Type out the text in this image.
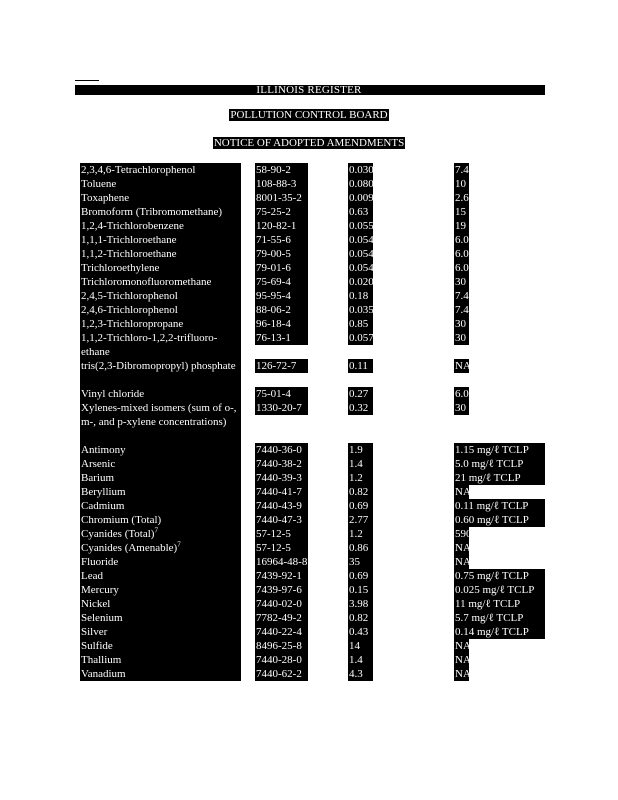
ILLINOIS REGISTER
POLLUTION CONTROL BOARD
NOTICE OF ADOPTED AMENDMENTS
2,3,4,6-Tetrachlorophenol	58-90-2	0.030	7.4
Toluene	108-88-3	0.080	10
Toxaphene	8001-35-2	0.0095	2.6
Bromoform (Tribromomethane)	75-25-2	0.63	15
1,2,4-Trichlorobenzene	120-82-1	0.055	19
1,1,1-Trichloroethane	71-55-6	0.054	6.0
1,1,2-Trichloroethane	79-00-5	0.054	6.0
Trichloroethylene	79-01-6	0.054	6.0
Trichloromonofluoromethane	75-69-4	0.020	30
2,4,5-Trichlorophenol	95-95-4	0.18	7.4
2,4,6-Trichlorophenol	88-06-2	0.035	7.4
1,2,3-Trichloropropane	96-18-4	0.85	30
1,1,2-Trichloro-1,2,2-trifluoro-ethane
76-13-1	0.057	30
tris(2,3-Dibromopropyl) phosphate	126-72-7	0.11	NA
Vinyl chloride	75-01-4	0.27	6.0
Xylenes-mixed isomers (sum of o-, m-, and p-xylene concentrations)
1330-20-7	0.32	30
Antimony	7440-36-0	1.9	1.15 mg/ℓ TCLP
Arsenic	7440-38-2	1.4	5.0 mg/ℓ TCLP
Barium	7440-39-3	1.2	21 mg/ℓ TCLP
Beryllium	7440-41-7	0.82	NA
Cadmium	7440-43-9	0.69	0.11 mg/ℓ TCLP
Chromium (Total)	7440-47-3	2.77	0.60 mg/ℓ TCLP
Cyanides (Total)$^7$	57-12-5	1.2	590
Cyanides (Amenable)$^7$	57-12-5	0.86	NA
Fluoride	16964-48-8	35	NA
Lead	7439-92-1	0.69	0.75 mg/ℓ TCLP
Mercury	7439-97-6	0.15	0.025 mg/ℓ TCLP
Nickel	7440-02-0	3.98	11 mg/ℓ TCLP
Selenium	7782-49-2	0.82	5.7 mg/ℓ TCLP
Silver	7440-22-4	0.43	0.14 mg/ℓ TCLP
Sulfide	8496-25-8	14	NA
Thallium	7440-28-0	1.4	NA
Vanadium	7440-62-2	4.3	NA
